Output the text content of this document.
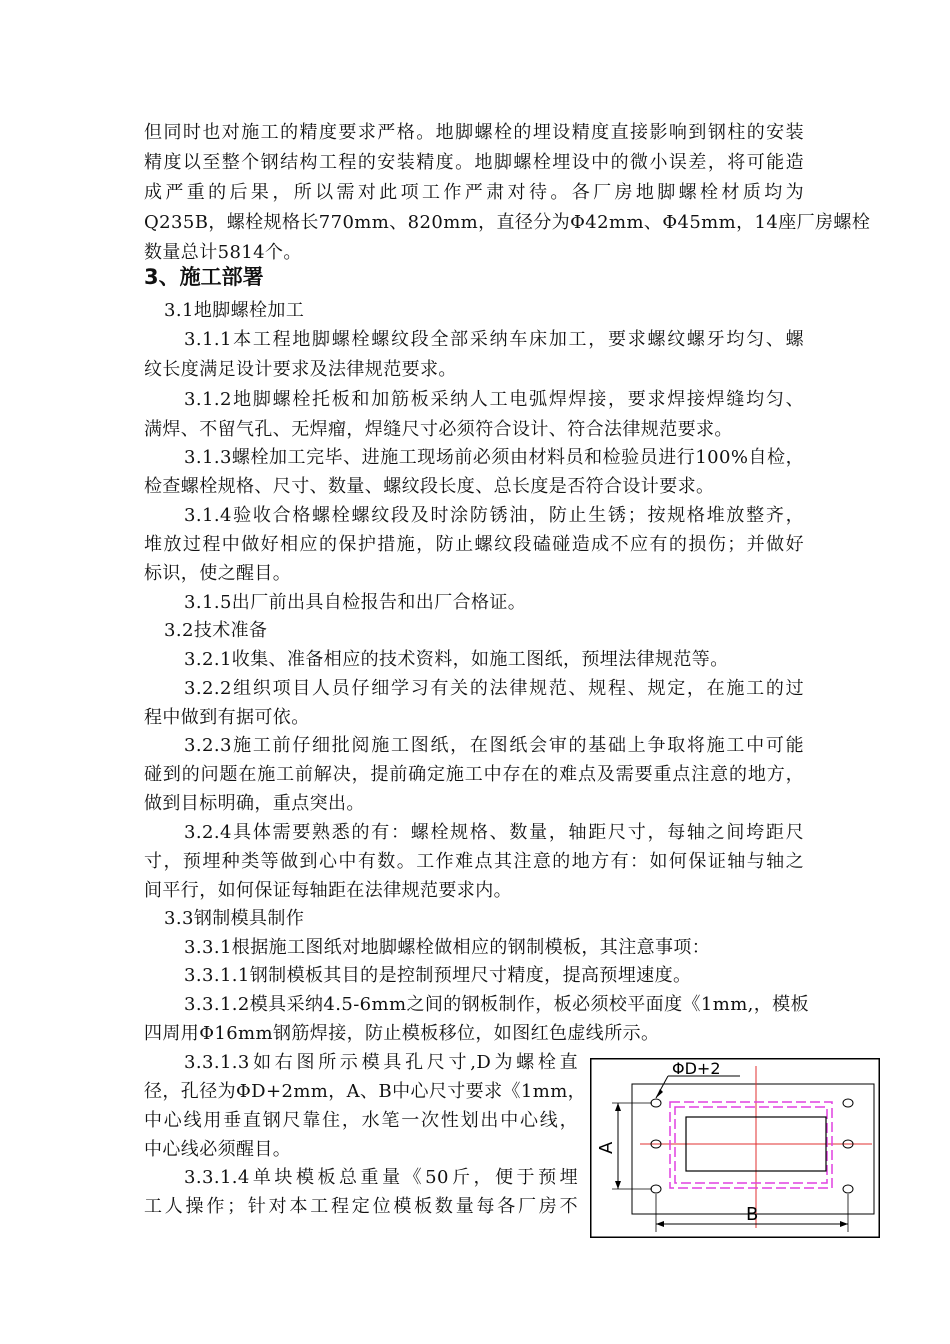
但同时也对施工的精度要求严格。地脚螺栓的埋设精度直接影响到钢柱的安装
精度以至整个钢结构工程的安装精度。地脚螺栓埋设中的微小误差，将可能造
成严重的后果，所以需对此项工作严肃对待。各厂房地脚螺栓材质均为
Q235B，螺栓规格长770mm、820mm，直径分为Φ42mm、Φ45mm，14座厂房螺栓
数量总计5814个。
3、施工部署
3.1地脚螺栓加工
3.1.1本工程地脚螺栓螺纹段全部采纳车床加工，要求螺纹螺牙均匀、螺
纹长度满足设计要求及法律规范要求。
3.1.2地脚螺栓托板和加筋板采纳人工电弧焊焊接，要求焊接焊缝均匀、
满焊、不留气孔、无焊瘤，焊缝尺寸必须符合设计、符合法律规范要求。
3.1.3螺栓加工完毕、进施工现场前必须由材料员和检验员进行100%自检，
检查螺栓规格、尺寸、数量、螺纹段长度、总长度是否符合设计要求。
3.1.4验收合格螺栓螺纹段及时涂防锈油，防止生锈；按规格堆放整齐，
堆放过程中做好相应的保护措施，防止螺纹段磕碰造成不应有的损伤；并做好
标识，使之醒目。
3.1.5出厂前出具自检报告和出厂合格证。
3.2技术准备
3.2.1收集、准备相应的技术资料，如施工图纸，预埋法律规范等。
3.2.2组织项目人员仔细学习有关的法律规范、规程、规定，在施工的过
程中做到有据可依。
3.2.3施工前仔细批阅施工图纸，在图纸会审的基础上争取将施工中可能
碰到的问题在施工前解决，提前确定施工中存在的难点及需要重点注意的地方，
做到目标明确，重点突出。
3.2.4具体需要熟悉的有：螺栓规格、数量，轴距尺寸，每轴之间垮距尺
寸，预埋种类等做到心中有数。工作难点其注意的地方有：如何保证轴与轴之
间平行，如何保证每轴距在法律规范要求内。
3.3钢制模具制作
3.3.1根据施工图纸对地脚螺栓做相应的钢制模板，其注意事项：
3.3.1.1钢制模板其目的是控制预埋尺寸精度，提高预埋速度。
3.3.1.2模具采纳4.5-6mm之间的钢板制作，板必须校平面度《1mm,，模板
四周用Φ16mm钢筋焊接，防止模板移位，如图红色虚线所示。
3.3.1.3如右图所示模具孔尺寸,D为螺栓直
径，孔径为ΦD+2mm，A、B中心尺寸要求《1mm，
中心线用垂直钢尺靠住，水笔一次性划出中心线，
中心线必须醒目。
3.3.1.4单块模板总重量《50斤，便于预埋
工人操作；针对本工程定位模板数量每各厂房不
ΦD+2
A
B
